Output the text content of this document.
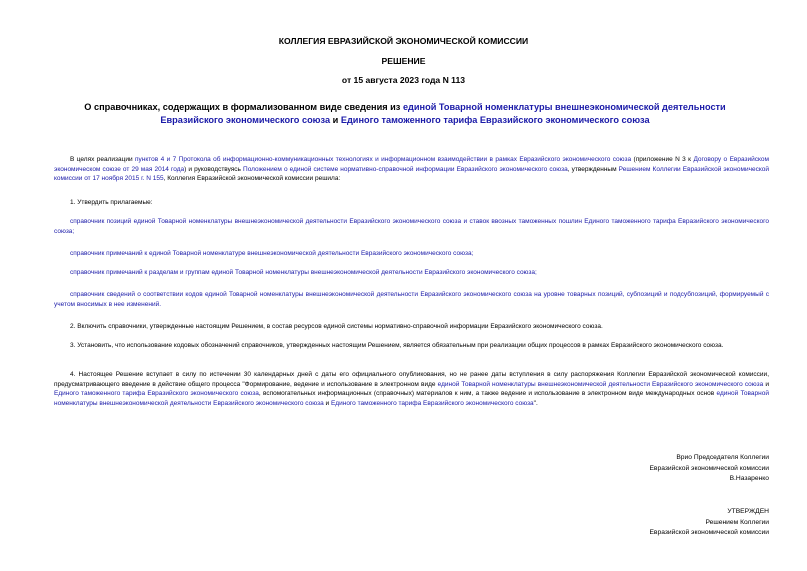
КОЛЛЕГИЯ ЕВРАЗИЙСКОЙ ЭКОНОМИЧЕСКОЙ КОМИССИИ
РЕШЕНИЕ
от 15 августа 2023 года N 113
О справочниках, содержащих в формализованном виде сведения из единой Товарной номенклатуры внешнеэкономической деятельности Евразийского экономического союза и Единого таможенного тарифа Евразийского экономического союза
В целях реализации пунктов 4 и 7 Протокола об информационно-коммуникационных технологиях и информационном взаимодействии в рамках Евразийского экономического союза (приложение N 3 к Договору о Евразийском экономическом союзе от 29 мая 2014 года) и руководствуясь Положением о единой системе нормативно-справочной информации Евразийского экономического союза, утвержденным Решением Коллегии Евразийской экономической комиссии от 17 ноября 2015 г. N 155, Коллегия Евразийской экономической комиссии решила:
1. Утвердить прилагаемые:
справочник позиций единой Товарной номенклатуры внешнеэкономической деятельности Евразийского экономического союза и ставок ввозных таможенных пошлин Единого таможенного тарифа Евразийского экономического союза;
справочник примечаний к единой Товарной номенклатуре внешнеэкономической деятельности Евразийского экономического союза;
справочник примечаний к разделам и группам единой Товарной номенклатуры внешнеэкономической деятельности Евразийского экономического союза;
справочник сведений о соответствии кодов единой Товарной номенклатуры внешнеэкономической деятельности Евразийского экономического союза на уровне товарных позиций, субпозиций и подсубпозиций, формируемый с учетом вносимых в нее изменений.
2. Включить справочники, утвержденные настоящим Решением, в состав ресурсов единой системы нормативно-справочной информации Евразийского экономического союза.
3. Установить, что использование кодовых обозначений справочников, утвержденных настоящим Решением, является обязательным при реализации общих процессов в рамках Евразийского экономического союза.
4. Настоящее Решение вступает в силу по истечении 30 календарных дней с даты его официального опубликования, но не ранее даты вступления в силу распоряжения Коллегии Евразийской экономической комиссии, предусматривающего введение в действие общего процесса "Формирование, ведение и использование в электронном виде единой Товарной номенклатуры внешнеэкономической деятельности Евразийского экономического союза и Единого таможенного тарифа Евразийского экономического союза, вспомогательных информационных (справочных) материалов к ним, а также ведение и использование в электронном виде международных основ единой Товарной номенклатуры внешнеэкономической деятельности Евразийского экономического союза и Единого таможенного тарифа Евразийского экономического союза".
Врио Председателя Коллегии
Евразийской экономической комиссии
В.Назаренко
УТВЕРЖДЕН
Решением Коллегии
Евразийской экономической комиссии
